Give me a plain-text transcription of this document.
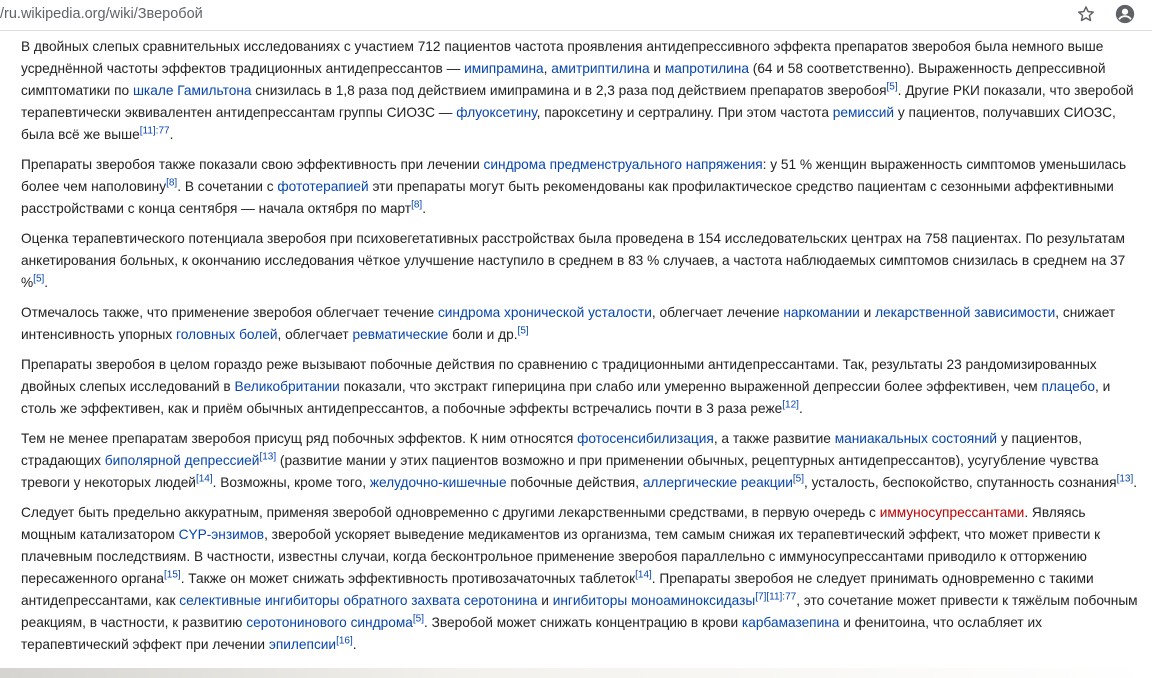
/ru.wikipedia.org/wiki/Зверобой

В двойных слепых сравнительных исследованиях с участием 712 пациентов частота проявления антидепрессивного эффекта препаратов зверобоя была немного выше усреднённой частоты эффектов традиционных антидепрессантов — имипрамина, амитриптилина и мапротилина (64 и 58 соответственно). Выраженность депрессивной симптоматики по шкале Гамильтона снизилась в 1,8 раза под действием имипрамина и в 2,3 раза под действием препаратов зверобоя[5]. Другие РКИ показали, что зверобой терапевтически эквивалентен антидепрессантам группы СИОЗС — флуоксетину, пароксетину и сертралину. При этом частота ремиссий у пациентов, получавших СИОЗС, была всё же выше$^{[11]:77}$.

Препараты зверобоя также показали свою эффективность при лечении синдрома предменструального напряжения: у 51 % женщин выраженность симптомов уменьшилась более чем наполовину[8]. В сочетании с фототерапией эти препараты могут быть рекомендованы как профилактическое средство пациентам с сезонными аффективными расстройствами с конца сентября — начала октября по март[8].

Оценка терапевтического потенциала зверобоя при психовегетативных расстройствах была проведена в 154 исследовательских центрах на 758 пациентах. По результатам анкетирования больных, к окончанию исследования чёткое улучшение наступило в среднем в 83 % случаев, а частота наблюдаемых симптомов снизилась в среднем на 37 %[5].

Отмечалось также, что применение зверобоя облегчает течение синдрома хронической усталости, облегчает лечение наркомании и лекарственной зависимости, снижает интенсивность упорных головных болей, облегчает ревматические боли и др.[5]

Препараты зверобоя в целом гораздо реже вызывают побочные действия по сравнению с традиционными антидепрессантами. Так, результаты 23 рандомизированных двойных слепых исследований в Великобритании показали, что экстракт гиперицина при слабо или умеренно выраженной депрессии более эффективен, чем плацебо, и столь же эффективен, как и приём обычных антидепрессантов, а побочные эффекты встречались почти в 3 раза реже[12].

Тем не менее препаратам зверобоя присущ ряд побочных эффектов. К ним относятся фотосенсибилизация, а также развитие маниакальных состояний у пациентов, страдающих биполярной депрессией[13] (развитие мании у этих пациентов возможно и при применении обычных, рецептурных антидепрессантов), усугубление чувства тревоги у некоторых людей[14]. Возможны, кроме того, желудочно-кишечные побочные действия, аллергические реакции[5], усталость, беспокойство, спутанность сознания[13].

Следует быть предельно аккуратным, применяя зверобой одновременно с другими лекарственными средствами, в первую очередь с иммуносупрессантами. Являясь мощным катализатором CYP-энзимов, зверобой ускоряет выведение медикаментов из организма, тем самым снижая их терапевтический эффект, что может привести к плачевным последствиям. В частности, известны случаи, когда бесконтрольное применение зверобоя параллельно с иммуносупрессантами приводило к отторжению пересаженного органа[15]. Также он может снижать эффективность противозачаточных таблеток[14]. Препараты зверобоя не следует принимать одновременно с такими антидепрессантами, как селективные ингибиторы обратного захвата серотонина и ингибиторы моноаминоксидазы$^{[7][11]:77}$, это сочетание может привести к тяжёлым побочным реакциям, в частности, к развитию серотонинового синдрома[5]. Зверобой может снижать концентрацию в крови карбамазепина и фенитоина, что ослабляет их терапевтический эффект при лечении эпилепсии[16].
